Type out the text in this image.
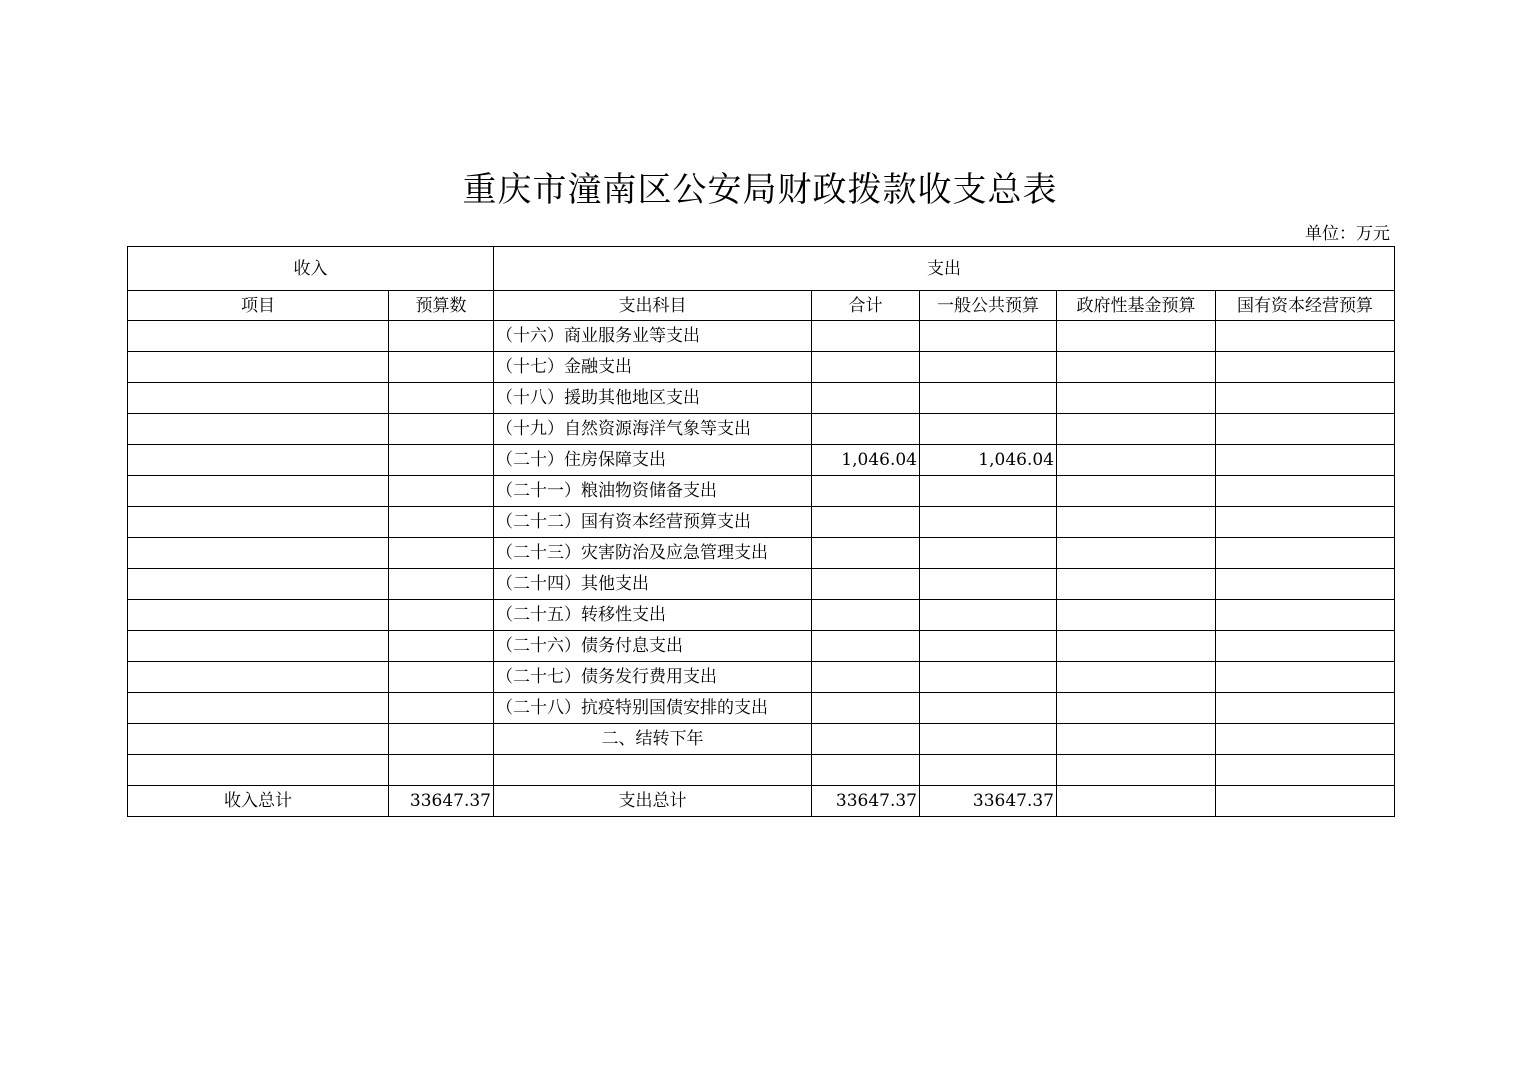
重庆市潼南区公安局财政拨款收支总表
单位：万元
收入		支出				
项目	预算数	支出科目	合计	一般公共预算	政府性基金预算	国有资本经营预算
		（十六）商业服务业等支出				
		（十七）金融支出				
		（十八）援助其他地区支出				
		（十九）自然资源海洋气象等支出				
		（二十）住房保障支出	1,046.04	1,046.04		
		（二十一）粮油物资储备支出				
		（二十二）国有资本经营预算支出				
		（二十三）灾害防治及应急管理支出				
		（二十四）其他支出				
		（二十五）转移性支出				
		（二十六）债务付息支出				
		（二十七）债务发行费用支出				
		（二十八）抗疫特别国债安排的支出				
		二、结转下年				

收入总计	33647.37	支出总计	33647.37	33647.37		
